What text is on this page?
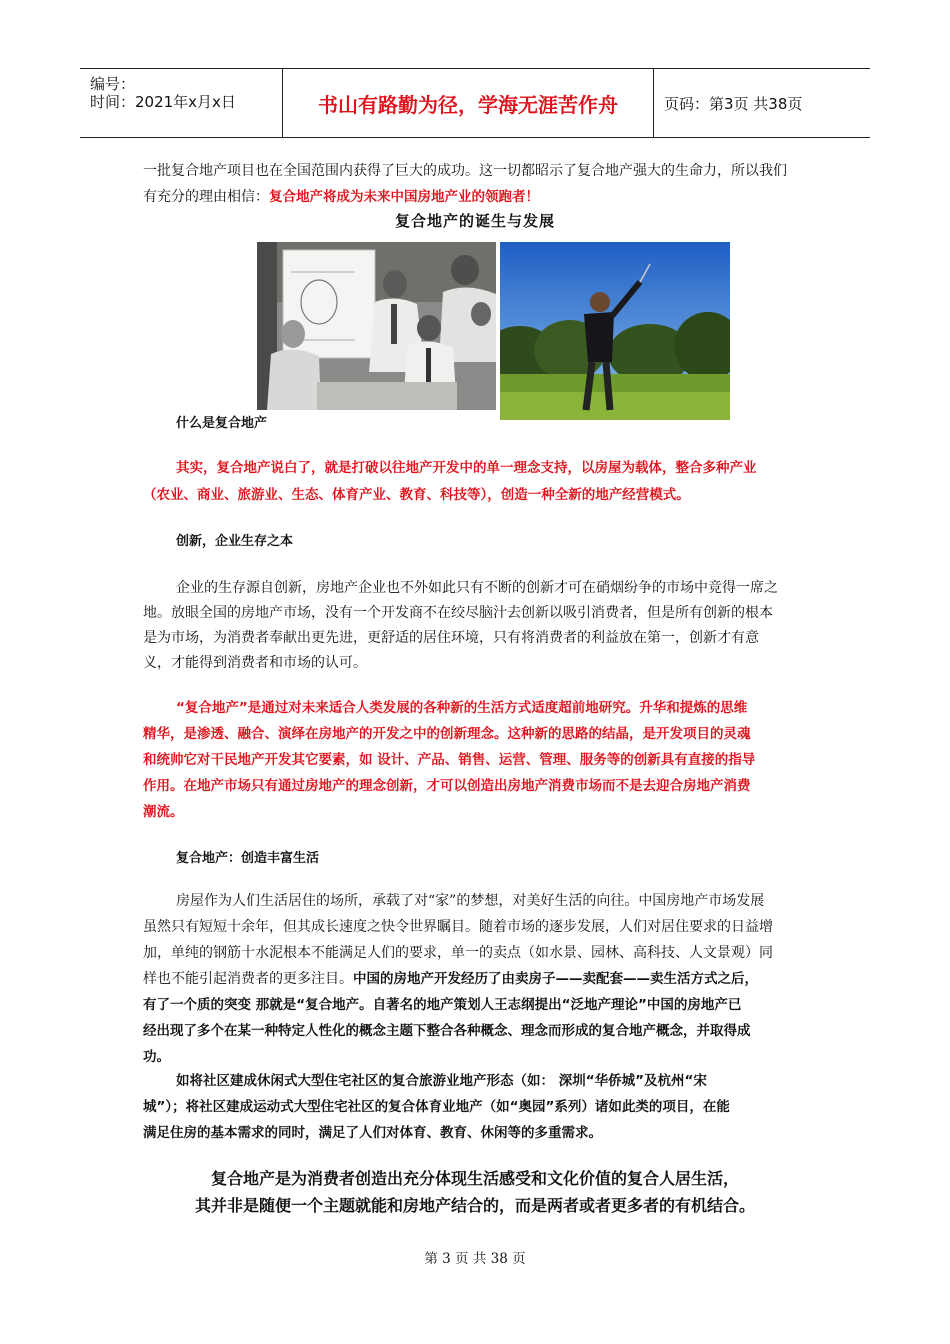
编号：
时间：2021年x月x日	书山有路勤为径，学海无涯苦作舟	页码：第3页 共38页

一批复合地产项目也在全国范围内获得了巨大的成功。这一切都昭示了复合地产强大的生命力，所以我们

有充分的理由相信：复合地产将成为未来中国房地产业的领跑者！

复合地产的诞生与发展
什么是复合地产

其实，复合地产说白了，就是打破以往地产开发中的单一理念支持，以房屋为载体，整合多种产业

（农业、商业、旅游业、生态、体育产业、教育、科技等），创造一种全新的地产经营模式。

创新，企业生存之本

企业的生存源自创新，房地产企业也不外如此只有不断的创新才可在硝烟纷争的市场中竞得一席之

地。放眼全国的房地产市场，没有一个开发商不在绞尽脑汁去创新以吸引消费者，但是所有创新的根本

是为市场，为消费者奉献出更先进，更舒适的居住环境，只有将消费者的利益放在第一，创新才有意

义，才能得到消费者和市场的认可。

“复合地产”是通过对未来适合人类发展的各种新的生活方式适度超前地研究。升华和提炼的思维

精华，是渗透、融合、演绎在房地产的开发之中的创新理念。这种新的思路的结晶，是开发项目的灵魂

和统帅它对干民地产开发其它要素，如 设计、产品、销售、运营、管理、服务等的创新具有直接的指导

作用。在地产市场只有通过房地产的理念创新，才可以创造出房地产消费市场而不是去迎合房地产消费

潮流。

复合地产：创造丰富生活

房屋作为人们生活居住的场所，承载了对“家”的梦想，对美好生活的向往。中国房地产市场发展

虽然只有短短十余年，但其成长速度之快令世界瞩目。随着市场的逐步发展，人们对居住要求的日益增

加，单纯的钢筋十水泥根本不能满足人们的要求，单一的卖点（如水景、园林、高科技、人文景观）同

样也不能引起消费者的更多注目。中国的房地产开发经历了由卖房子——卖配套——卖生活方式之后，

有了一个质的突变 那就是“复合地产。自著名的地产策划人王志纲提出“泛地产理论”中国的房地产已

经出现了多个在某一种特定人性化的概念主题下整合各种概念、理念而形成的复合地产概念，并取得成

功。

如将社区建成休闲式大型住宅社区的复合旅游业地产形态（如： 深圳“华侨城”及杭州“宋

城”）；将社区建成运动式大型住宅社区的复合体育业地产（如“奥园”系列）诸如此类的项目，在能

满足住房的基本需求的同时，满足了人们对体育、教育、休闲等的多重需求。

复合地产是为消费者创造出充分体现生活感受和文化价值的复合人居生活，
其并非是随便一个主题就能和房地产结合的，而是两者或者更多者的有机结合。
第 3 页 共 38 页
